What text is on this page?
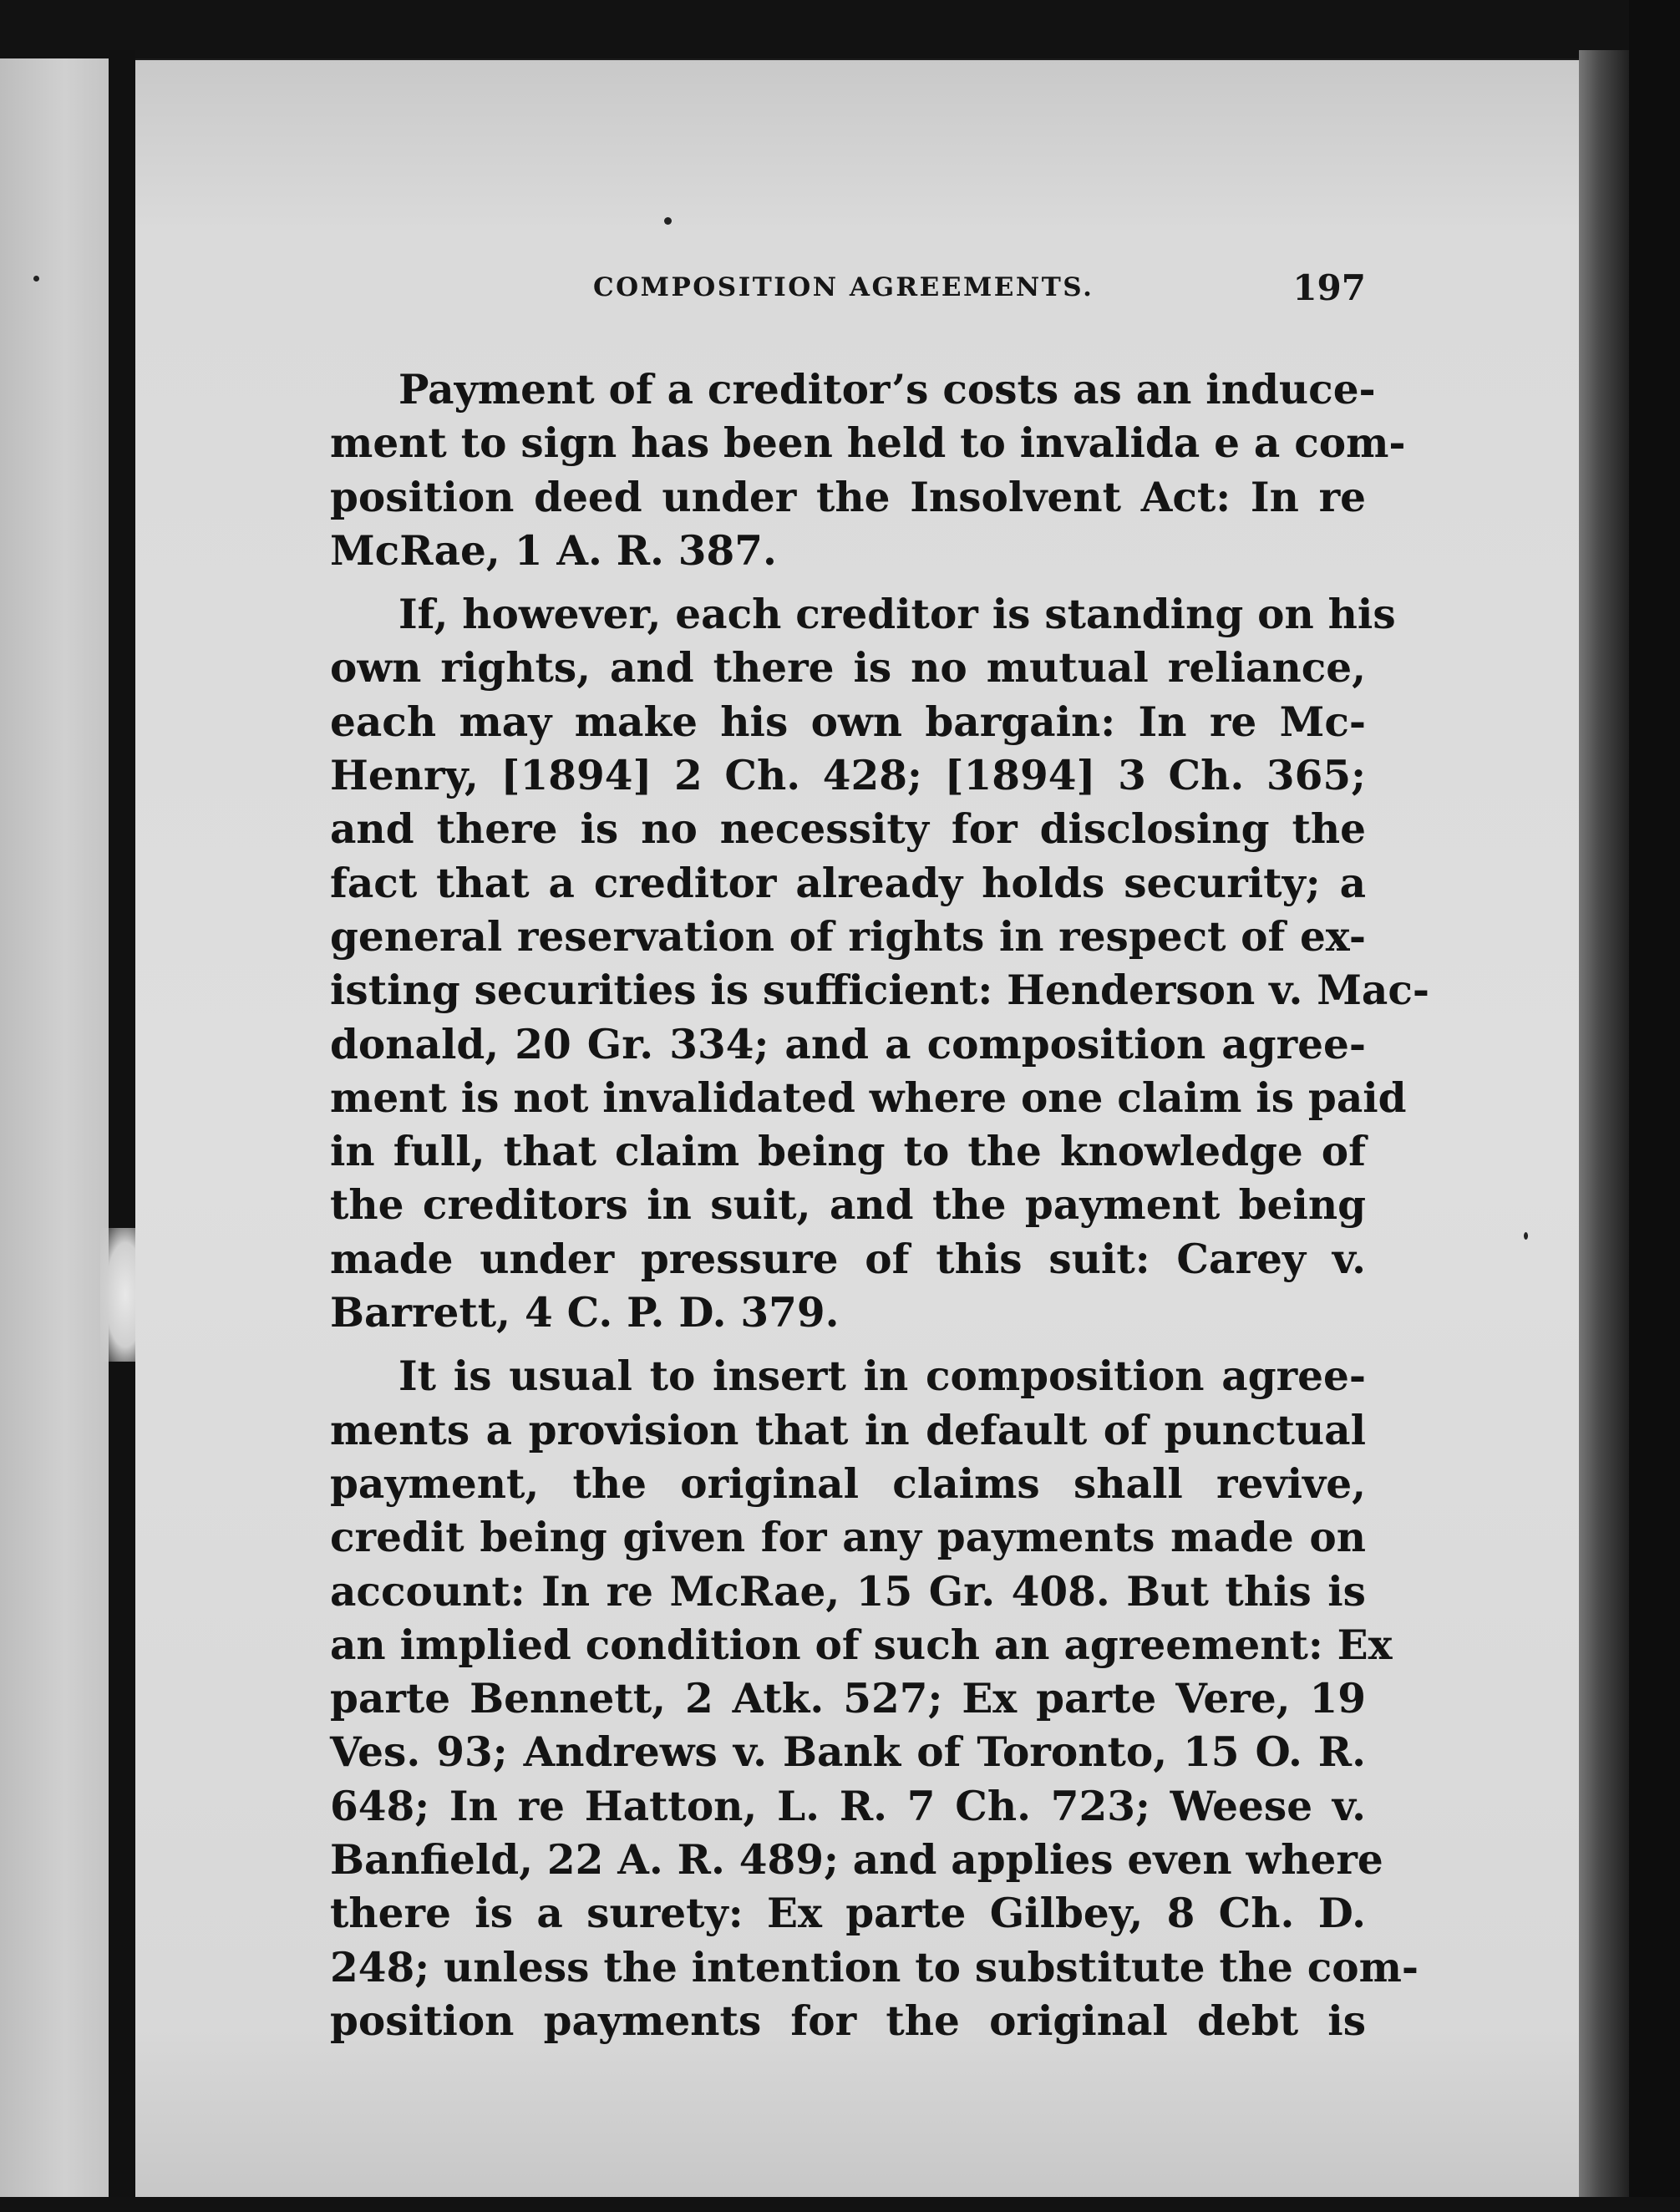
COMPOSITION AGREEMENTS.	197
Payment of a creditor’s costs as an induce-
ment to sign has been held to invalida e a com-
position deed under the Insolvent Act: In re
McRae, 1 A. R. 387.
If, however, each creditor is standing on his
own rights, and there is no mutual reliance,
each may make his own bargain: In re Mc-
Henry, [1894] 2 Ch. 428; [1894] 3 Ch. 365;
and there is no necessity for disclosing the
fact that a creditor already holds security; a
general reservation of rights in respect of ex-
isting securities is sufficient: Henderson v. Mac-
donald, 20 Gr. 334; and a composition agree-
ment is not invalidated where one claim is paid
in full, that claim being to the knowledge of
the creditors in suit, and the payment being
made under pressure of this suit: Carey v.
Barrett, 4 C. P. D. 379.
It is usual to insert in composition agree-
ments a provision that in default of punctual
payment, the original claims shall revive,
credit being given for any payments made on
account: In re McRae, 15 Gr. 408. But this is
an implied condition of such an agreement: Ex
parte Bennett, 2 Atk. 527; Ex parte Vere, 19
Ves. 93; Andrews v. Bank of Toronto, 15 O. R.
648; In re Hatton, L. R. 7 Ch. 723; Weese v.
Banfield, 22 A. R. 489; and applies even where
there is a surety: Ex parte Gilbey, 8 Ch. D.
248; unless the intention to substitute the com-
position payments for the original debt is
